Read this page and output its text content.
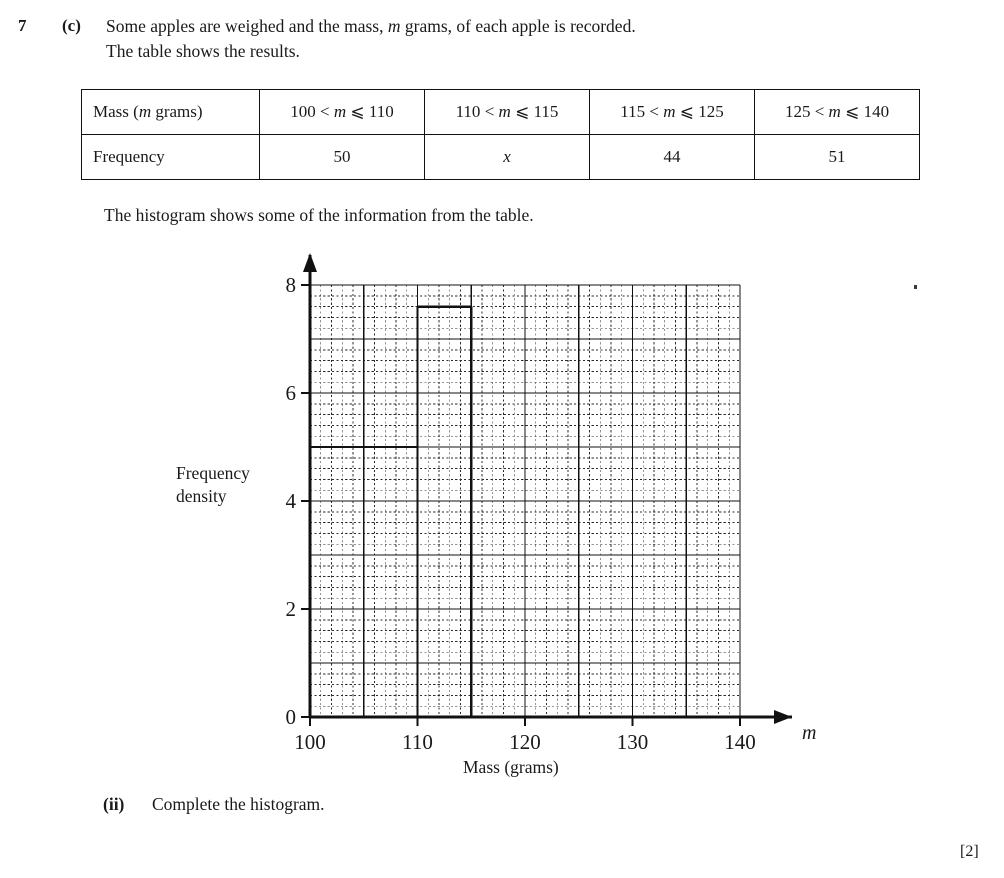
7 (c) Some apples are weighed and the mass, m grams, of each apple is recorded.
The table shows the results.
Mass (m grams)	100 < m ⩽ 110	110 < m ⩽ 115	115 < m ⩽ 125	125 < m ⩽ 140
Frequency	50	x	44	51
The histogram shows some of the information from the table.
0
2
4
6
8
100	110	120	130	140 m
Frequency
density
Mass (grams)
(ii) Complete the histogram.
[2]
